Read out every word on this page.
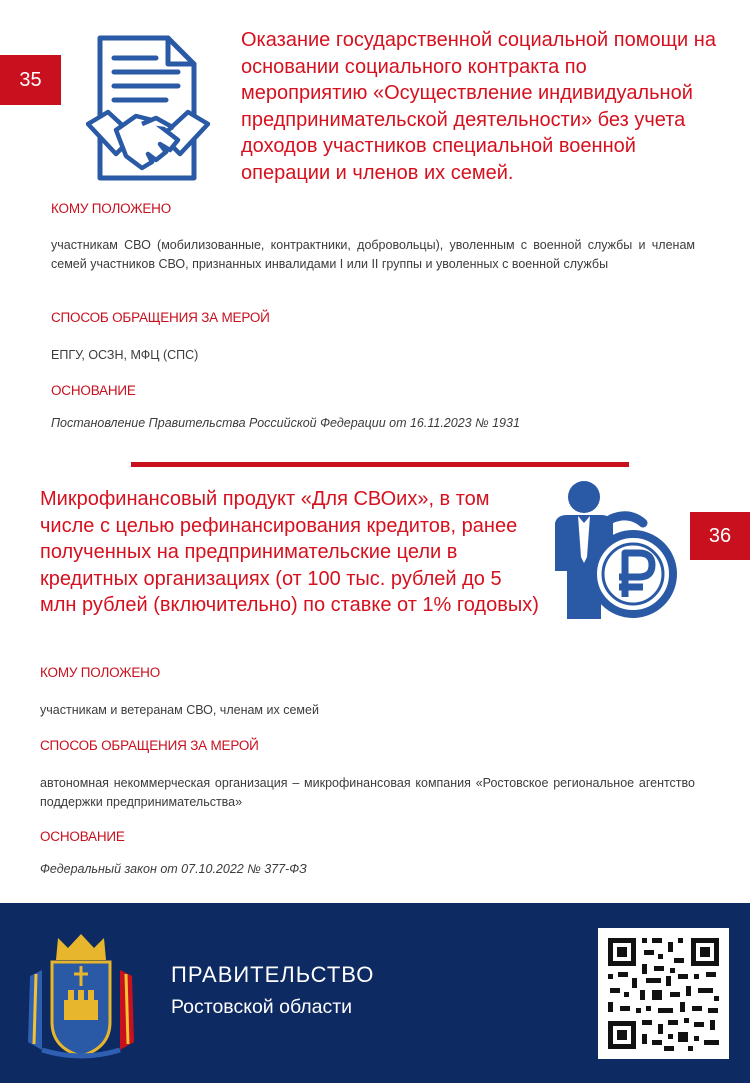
35
Оказание государственной социальной помощи на основании социального контракта по мероприятию «Осуществление индивидуальной предпринимательской деятельности» без учета доходов участников специальной военной операции и членов их семей.

КОМУ ПОЛОЖЕНО

участникам СВО (мобилизованные, контрактники, добровольцы), уволенным с военной службы и членам семей участников СВО, признанных инвалидами I или II группы и уволенных с военной службы

СПОСОБ ОБРАЩЕНИЯ ЗА МЕРОЙ

ЕПГУ, ОСЗН, МФЦ (СПС)

ОСНОВАНИЕ

Постановление Правительства Российской Федерации от 16.11.2023 № 1931

Микрофинансовый продукт «Для СВОих», в том числе с целью рефинансирования кредитов, ранее полученных на предпринимательские цели в кредитных организациях (от 100 тыс. рублей до 5 млн рублей (включительно) по ставке от 1% годовых)
36

КОМУ ПОЛОЖЕНО

участникам и ветеранам СВО, членам их семей

СПОСОБ ОБРАЩЕНИЯ ЗА МЕРОЙ

автономная некоммерческая организация – микрофинансовая компания «Ростовское региональное агентство поддержки предпринимательства»

ОСНОВАНИЕ

Федеральный закон от 07.10.2022 № 377-ФЗ

ПРАВИТЕЛЬСТВО
Ростовской области
